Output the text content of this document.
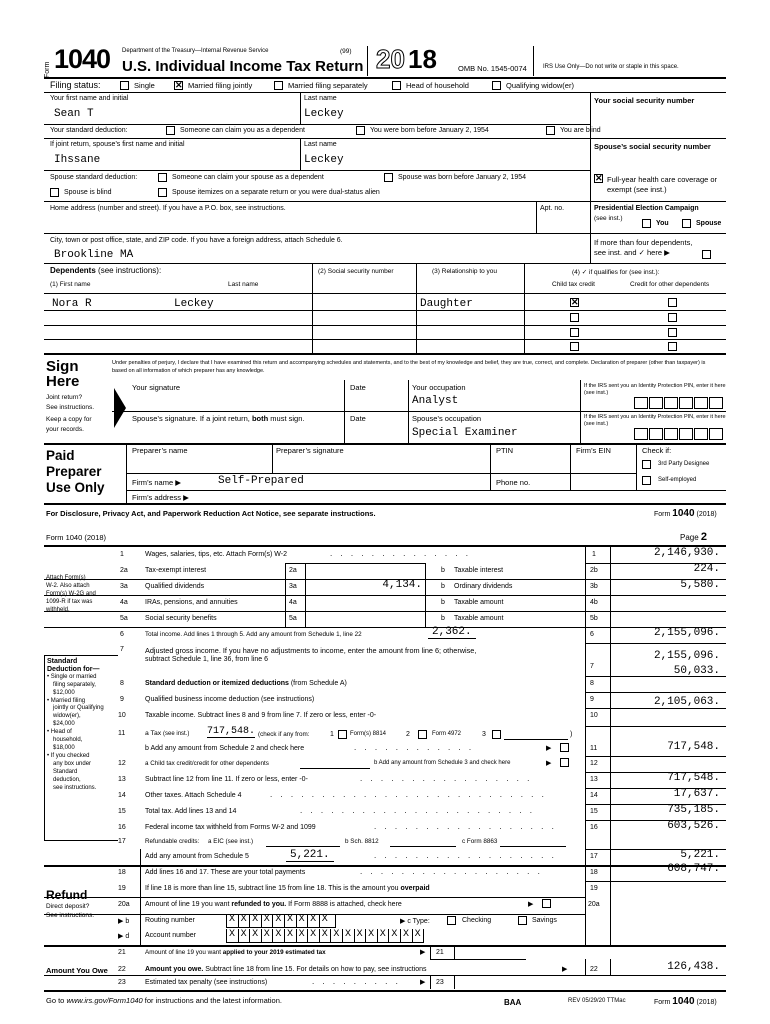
Form 1040 Department of the Treasury—Internal Revenue Service	(99)
U.S. Individual Income Tax Return 20 18	OMB No. 1545-0074	IRS Use Only—Do not write or staple in this space.
Filing status:	Single
✕	Married filing jointly	Married filing separately	Head of household	Qualifying widow(er)
Your first name and initial
Sean T
Last name
Leckey
Your social security number
Your standard deduction:	Someone can claim you as a dependent	You were born before January 2, 1954	You are blind
If joint return, spouse’s first name and initial
Ihssane
Last name
Leckey
Spouse’s social security number
Spouse standard deduction:	Someone can claim your spouse as a dependent	Spouse was born before January 2, 1954
Spouse is blind	Spouse itemizes on a separate return or you were dual-status alien
✕
Full-year health care coverage or exempt (see inst.)
Home address (number and street). If you have a P.O. box, see instructions.	Apt. no.	Presidential Election Campaign
(see inst.)
You	Spouse
City, town or post office, state, and ZIP code. If you have a foreign address, attach Schedule 6.
Brookline MA
If more than four dependents, see inst. and ✓ here ▶
Dependents (see instructions):
(1) First name	Last name
(2) Social security number	(3) Relationship to you	(4) ✓ if qualifies for (see inst.):
Child tax credit	Credit for other dependents
Nora R	Leckey	Daughter
✕
Sign
Here
Joint return?
See instructions.
Keep a copy for
your records.
Under penalties of perjury, I declare that I have examined this return and accompanying schedules and statements, and to the best of my knowledge and belief, they are true, correct, and complete. Declaration of preparer (other than taxpayer) is based on all information of which preparer has any knowledge.
Your signature	Date	Your occupation
Analyst
If the IRS sent you an Identity Protection PIN, enter it here (see inst.)
Spouse’s signature. If a joint return, both must sign.	Date	Spouse’s occupation
Special Examiner
If the IRS sent you an Identity Protection PIN, enter it here (see inst.)
Paid
Preparer
Use Only
Preparer’s name	Preparer’s signature	PTIN	Firm’s EIN	Check if:
3rd Party Designee
Self-employed
Firm’s name ▶	Self-Prepared	Phone no.
Firm’s address ▶
For Disclosure, Privacy Act, and Paperwork Reduction Act Notice, see separate instructions.	Form 1040 (2018)
Form 1040 (2018)	Page 2
Attach Form(s)
W-2. Also attach
Form(s) W-2G and
1099-R if tax was
withheld.
Standard
Deduction for—
• Single or married
filing separately,
$12,000
• Married filing
jointly or Qualifying
widow(er),
$24,000
• Head of
household,
$18,000
• If you checked
any box under
Standard
deduction,
see instructions.
1	Wages, salaries, tips, etc. Attach Form(s) W-2	. . . . . . . . . . . . . .	1	2,146,930.
2a Tax-exempt interest	2a	b Taxable interest	2b	224.
3a Qualified dividends	3a	4,134.	b Ordinary dividends	3b	5,580.
4a IRAs, pensions, and annuities	4a	b Taxable amount	4b
5a Social security benefits	5a	b Taxable amount	5b
6	Total income. Add lines 1 through 5. Add any amount from Schedule 1, line 22	2,362.	6	2,155,096.
7	Adjusted gross income. If you have no adjustments to income, enter the amount from line 6; otherwise,
subtract Schedule 1, line 36, from line 6
7
2,155,096.
8	Standard deduction or itemized deductions (from Schedule A)	8
50,033.
9	Qualified business income deduction (see instructions)	9
10	Taxable income. Subtract lines 8 and 9 from line 7. If zero or less, enter -0-	10
2,105,063.
11	a Tax (see inst.) 717,548. (check if any from:	1	Form(s) 8814	2	Form 4972	3	)
b Add any amount from Schedule 2 and check here	. . . . . . . . . . . .	▶	11	717,548.
12	a Child tax credit/credit for other dependents	b Add any amount from Schedule 3 and check here	▶	12
13	Subtract line 12 from line 11. If zero or less, enter -0-	. . . . . . . . . . . . . . . . .	13	717,548.
14	Other taxes. Attach Schedule 4	. . . . . . . . . . . . . . . . . . . . . . . . . . .	14	17,637.
15	Total tax. Add lines 13 and 14	. . . . . . . . . . . . . . . . . . . . . . .	15	735,185.
16	Federal income tax withheld from Forms W-2 and 1099	. . . . . . . . . . . . . . . . . .	16	603,526.
17	Refundable credits: a EIC (see inst.)	b Sch. 8812	c Form 8863
Add any amount from Schedule 5	5,221.	. . . . . . . . . . . . . . . . . .	17	5,221.
18	Add lines 16 and 17. These are your total payments	. . . . . . . . . . . . . . . . . .	18	608,747.
Refund	19	If line 18 is more than line 15, subtract line 15 from line 18. This is the amount you overpaid	19
20a Amount of line 19 you want refunded to you. If Form 8888 is attached, check here	▶	20a
Direct deposit?
See instructions.
▶ b Routing number	X X X X X X X X X	▶ c Type:	Checking	Savings
▶ d Account number	X X X X X X X X X X X X X X X X X
21	Amount of line 19 you want applied to your 2019 estimated tax	▶ 21
Amount You Owe 22	Amount you owe. Subtract line 18 from line 15. For details on how to pay, see instructions	▶	22	126,438.
23	Estimated tax penalty (see instructions)	. . . . . . . . .	▶ 23
Go to www.irs.gov/Form1040 for instructions and the latest information.	BAA	REV 05/29/20 TTMac	Form 1040 (2018)
